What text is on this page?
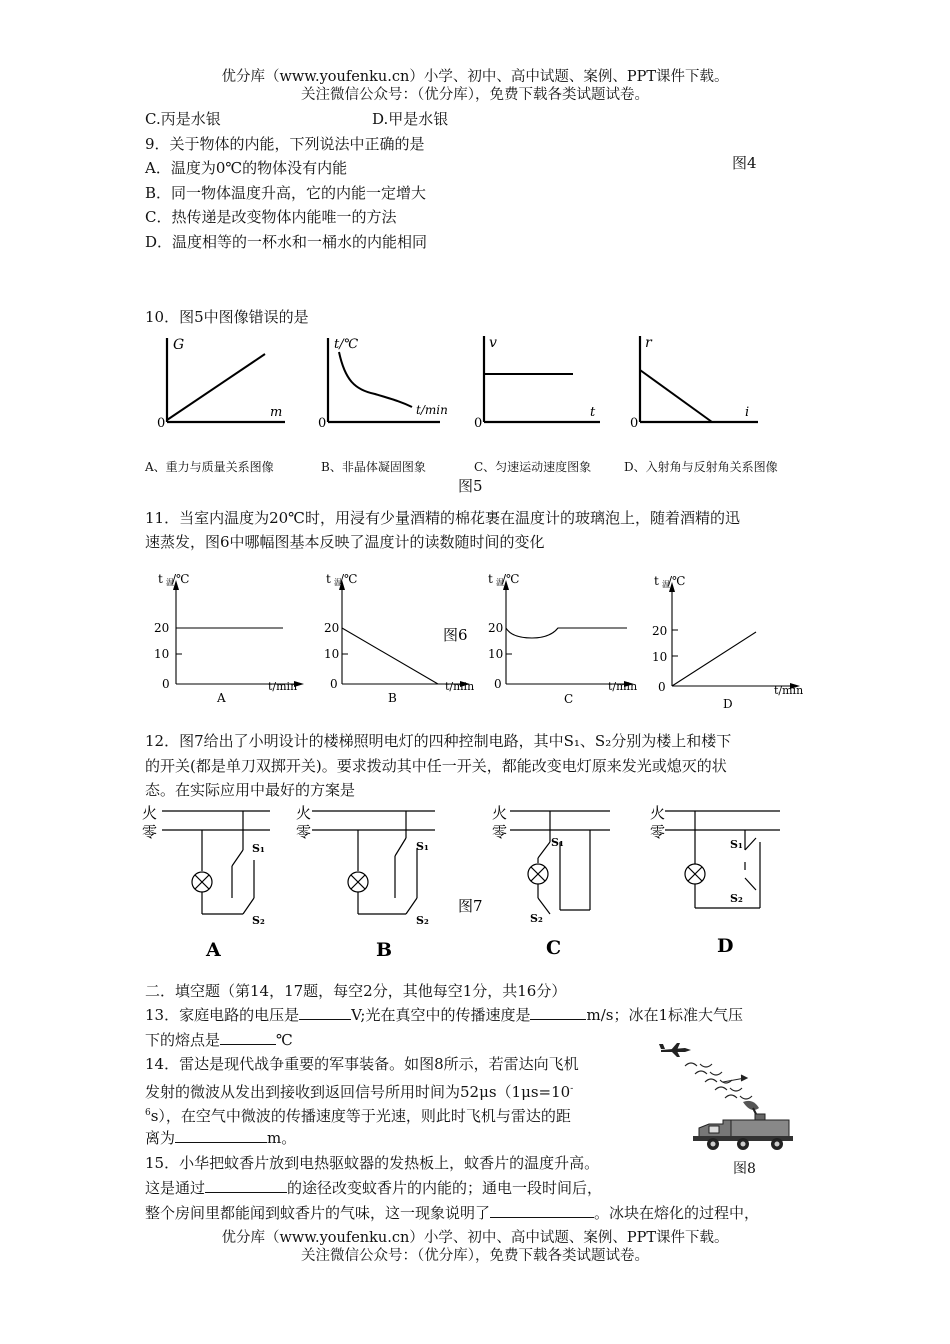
优分库（www.youfenku.cn）小学、初中、高中试题、案例、PPT课件下载。
关注微信公众号：（优分库），免费下载各类试题试卷。
C.丙是水银	D.甲是水银
9．关于物体的内能，下列说法中正确的是
A．温度为0℃的物体没有内能
B．同一物体温度升高，它的内能一定增大
C．热传递是改变物体内能唯一的方法
D．温度相等的一杯水和一桶水的内能相同
图4
10．图5中图像错误的是
G
m
0
t/℃
t/min
0
v
t
0
r
i
0
A、重力与质量关系图像	B、非晶体凝固图象	C、匀速运动速度图象	D、入射角与反射角关系图像
图5
11．当室内温度为20℃时，用浸有少量酒精的棉花裹在温度计的玻璃泡上，随着酒精的迅
速蒸发，图6中哪幅图基本反映了温度计的读数随时间的变化
t 温
/℃
20
10
0	t/min
A
t 温
/℃
20
10
0	t/min
B
t 温
/℃
20
10
0	t/min
C
t 温
/℃
20
10
0	t/min
D
图6
12．图7给出了小明设计的楼梯照明电灯的四种控制电路，其中S₁、S₂分别为楼上和楼下
的开关(都是单刀双掷开关)。要求拨动其中任一开关，都能改变电灯原来发光或熄灭的状
态。在实际应用中最好的方案是
火
零
火
零
火
零
火
零
S₁
S₂
S₁
S₂
S₁
S₂
S₁
S₂
A	B	C	D
图7
二．填空题（第14，17题，每空2分，其他每空1分，共16分）
13．家庭电路的电压是	V;光在真空中的传播速度是	m/s；冰在1标准大气压
下的熔点是	℃
14．雷达是现代战争重要的军事装备。如图8所示，若雷达向飞机
发射的微波从发出到接收到返回信号所用时间为52μs（1μs=10-
$^6$s），在空气中微波的传播速度等于光速，则此时飞机与雷达的距
离为	m。
图8
15．小华把蚊香片放到电热驱蚊器的发热板上，蚊香片的温度升高。
这是通过	的途径改变蚊香片的内能的；通电一段时间后，
整个房间里都能闻到蚊香片的气味，这一现象说明了	。冰块在熔化的过程中，
优分库（www.youfenku.cn）小学、初中、高中试题、案例、PPT课件下载。
关注微信公众号：（优分库），免费下载各类试题试卷。
